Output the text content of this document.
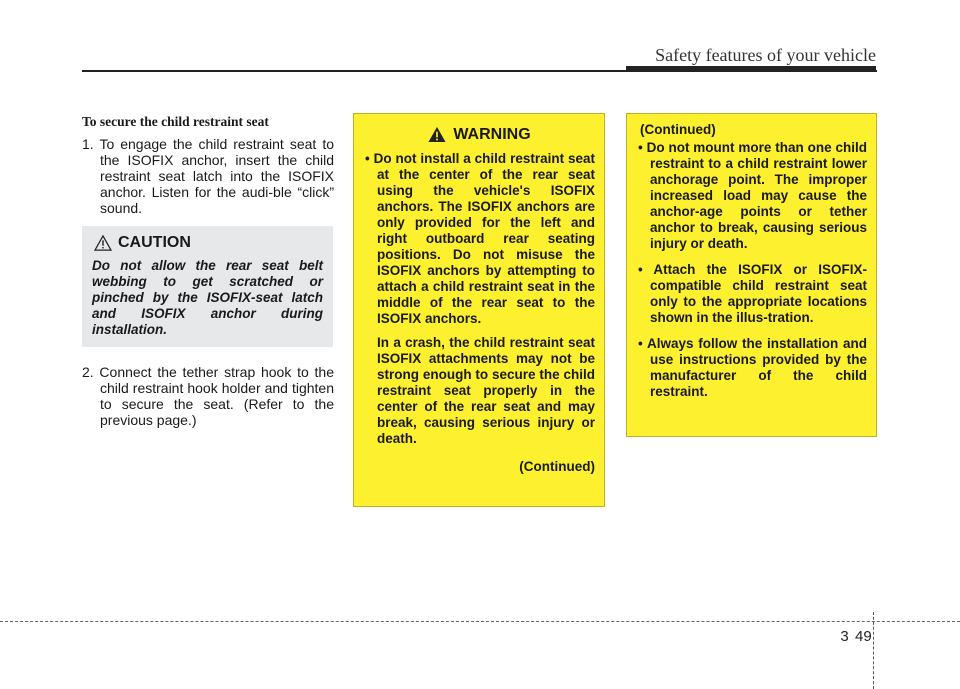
Safety features of your vehicle
To secure the child restraint seat

1. To engage the child restraint seat to the ISOFIX anchor, insert the child restraint seat latch into the ISOFIX anchor. Listen for the audi-ble “click” sound.

CAUTION

Do not allow the rear seat belt webbing to get scratched or pinched by the ISOFIX-seat latch and ISOFIX anchor during installation.

2. Connect the tether strap hook to the child restraint hook holder and tighten to secure the seat. (Refer to the previous page.)

WARNING

• Do not install a child restraint seat at the center of the rear seat using the vehicle's ISOFIX anchors. The ISOFIX anchors are only provided for the left and right outboard rear seating positions. Do not misuse the ISOFIX anchors by attempting to attach a child restraint seat in the middle of the rear seat to the ISOFIX anchors.

In a crash, the child restraint seat ISOFIX attachments may not be strong enough to secure the child restraint seat properly in the center of the rear seat and may break, causing serious injury or death.

(Continued)
(Continued)

• Do not mount more than one child restraint to a child restraint lower anchorage point. The improper increased load may cause the anchor-age points or tether anchor to break, causing serious injury or death.

• Attach the ISOFIX or ISOFIX-compatible child restraint seat only to the appropriate locations shown in the illus-tration.

• Always follow the installation and use instructions provided by the manufacturer of the child restraint.

3 49
